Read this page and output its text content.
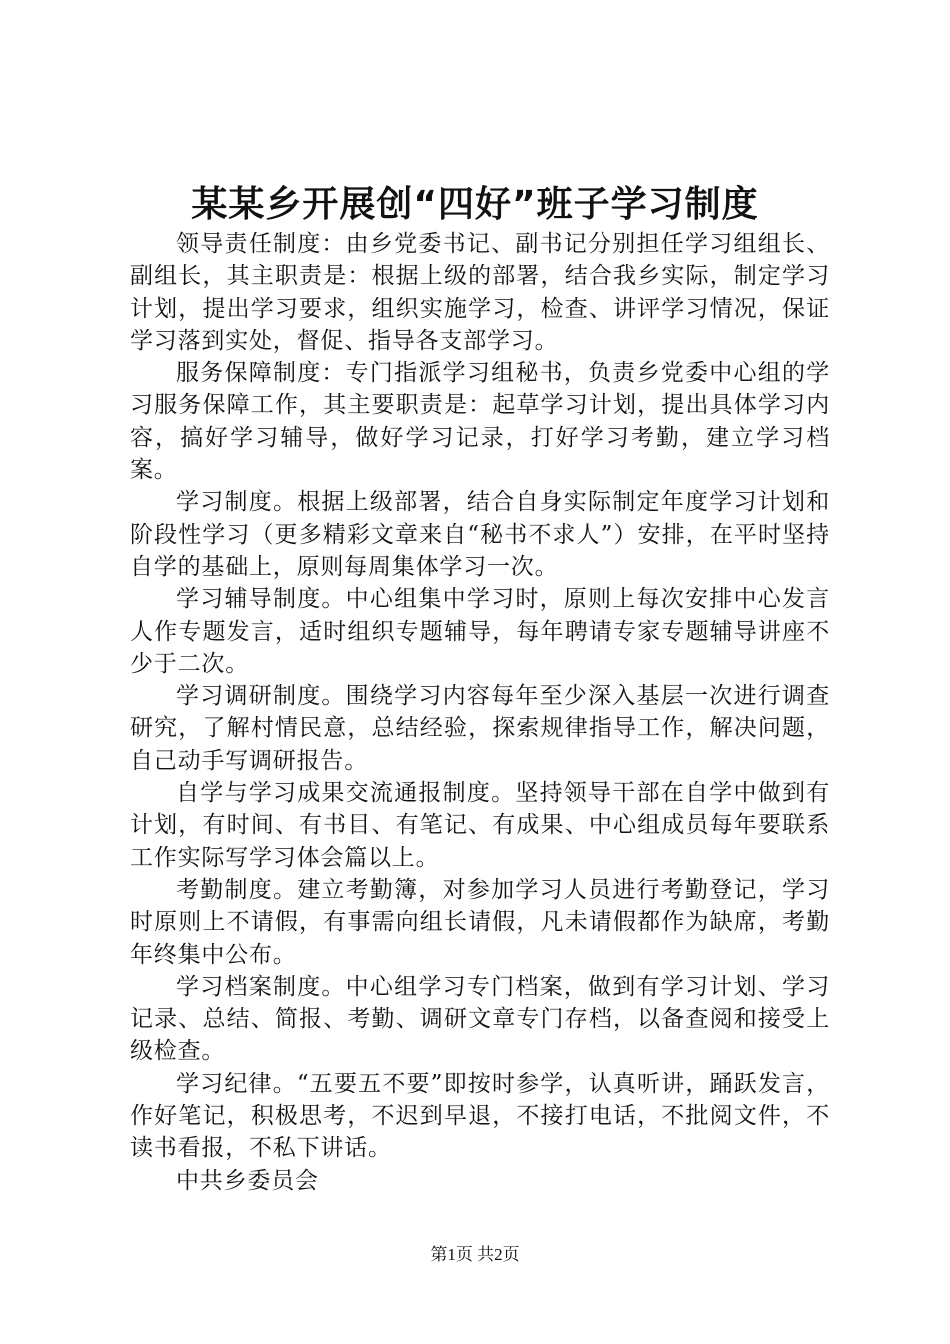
某某乡开展创“四好”班子学习制度

领导责任制度：由乡党委书记、副书记分别担任学习组组长、副组长，其主职责是：根据上级的部署，结合我乡实际，制定学习计划，提出学习要求，组织实施学习，检查、讲评学习情况，保证学习落到实处，督促、指导各支部学习。

服务保障制度：专门指派学习组秘书，负责乡党委中心组的学习服务保障工作，其主要职责是：起草学习计划，提出具体学习内容，搞好学习辅导，做好学习记录，打好学习考勤，建立学习档案。

学习制度。根据上级部署，结合自身实际制定年度学习计划和阶段性学习（更多精彩文章来自“秘书不求人”）安排，在平时坚持自学的基础上，原则每周集体学习一次。

学习辅导制度。中心组集中学习时，原则上每次安排中心发言人作专题发言，适时组织专题辅导，每年聘请专家专题辅导讲座不少于二次。

学习调研制度。围绕学习内容每年至少深入基层一次进行调查研究，了解村情民意，总结经验，探索规律指导工作，解决问题，自己动手写调研报告。

自学与学习成果交流通报制度。坚持领导干部在自学中做到有计划，有时间、有书目、有笔记、有成果、中心组成员每年要联系工作实际写学习体会篇以上。

考勤制度。建立考勤簿，对参加学习人员进行考勤登记，学习时原则上不请假，有事需向组长请假，凡未请假都作为缺席，考勤年终集中公布。

学习档案制度。中心组学习专门档案，做到有学习计划、学习记录、总结、简报、考勤、调研文章专门存档，以备查阅和接受上级检查。

学习纪律。“五要五不要”即按时参学，认真听讲，踊跃发言，作好笔记，积极思考，不迟到早退，不接打电话，不批阅文件，不读书看报，不私下讲话。

中共乡委员会

第1页 共2页
